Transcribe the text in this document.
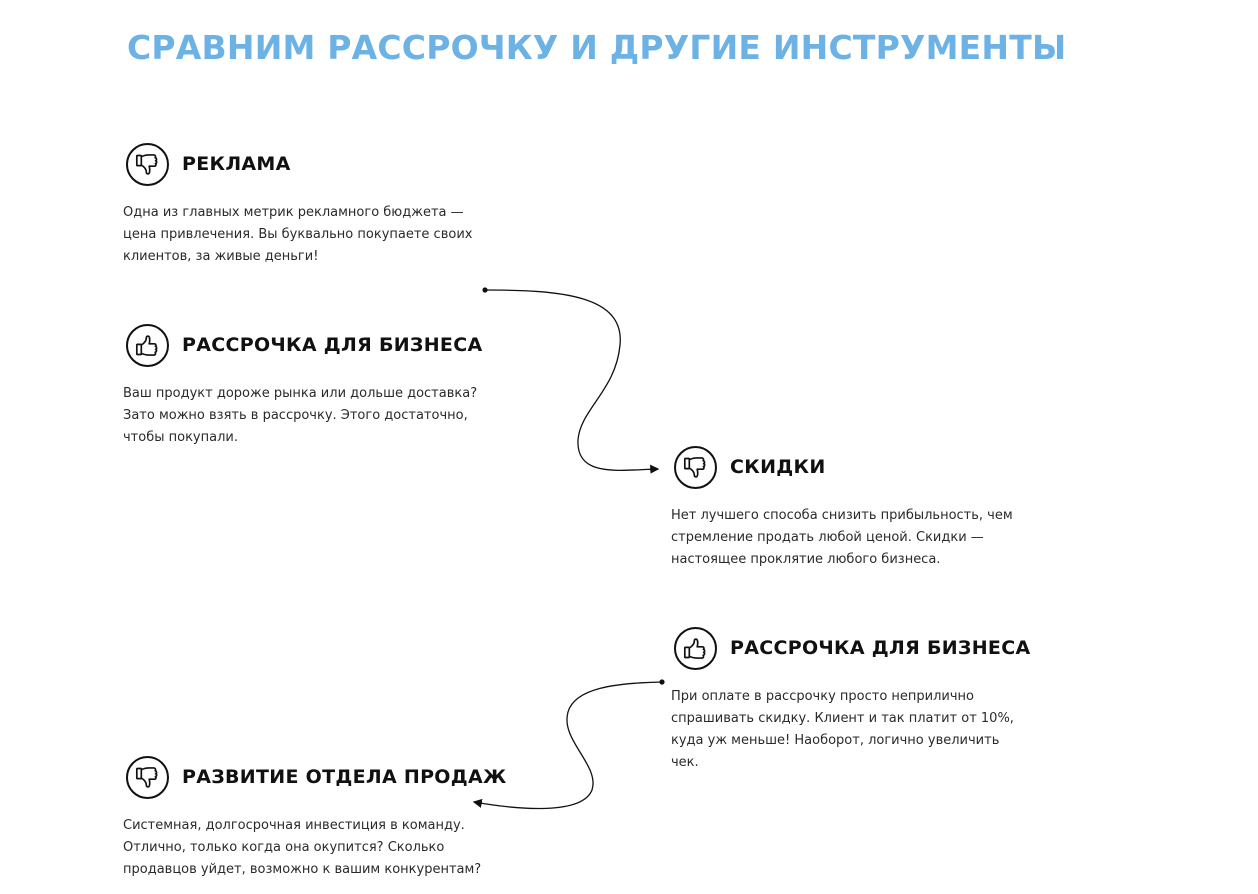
СРАВНИМ РАССРОЧКУ И ДРУГИЕ ИНСТРУМЕНТЫ
РЕКЛАМА

Одна из главных метрик рекламного бюджета — цена привлечения. Вы буквально покупаете своих клиентов, за живые деньги!

РАССРОЧКА ДЛЯ БИЗНЕСА

Ваш продукт дороже рынка или дольше доставка? Зато можно взять в рассрочку. Этого достаточно, чтобы покупали.

СКИДКИ

Нет лучшего способа снизить прибыльность, чем стремление продать любой ценой. Скидки — настоящее проклятие любого бизнеса.

РАССРОЧКА ДЛЯ БИЗНЕСА

При оплате в рассрочку просто неприлично спрашивать скидку. Клиент и так платит от 10%, куда уж меньше! Наоборот, логично увеличить чек.

РАЗВИТИЕ ОТДЕЛА ПРОДАЖ

Системная, долгосрочная инвестиция в команду. Отлично, только когда она окупится? Сколько продавцов уйдет, возможно к вашим конкурентам?
